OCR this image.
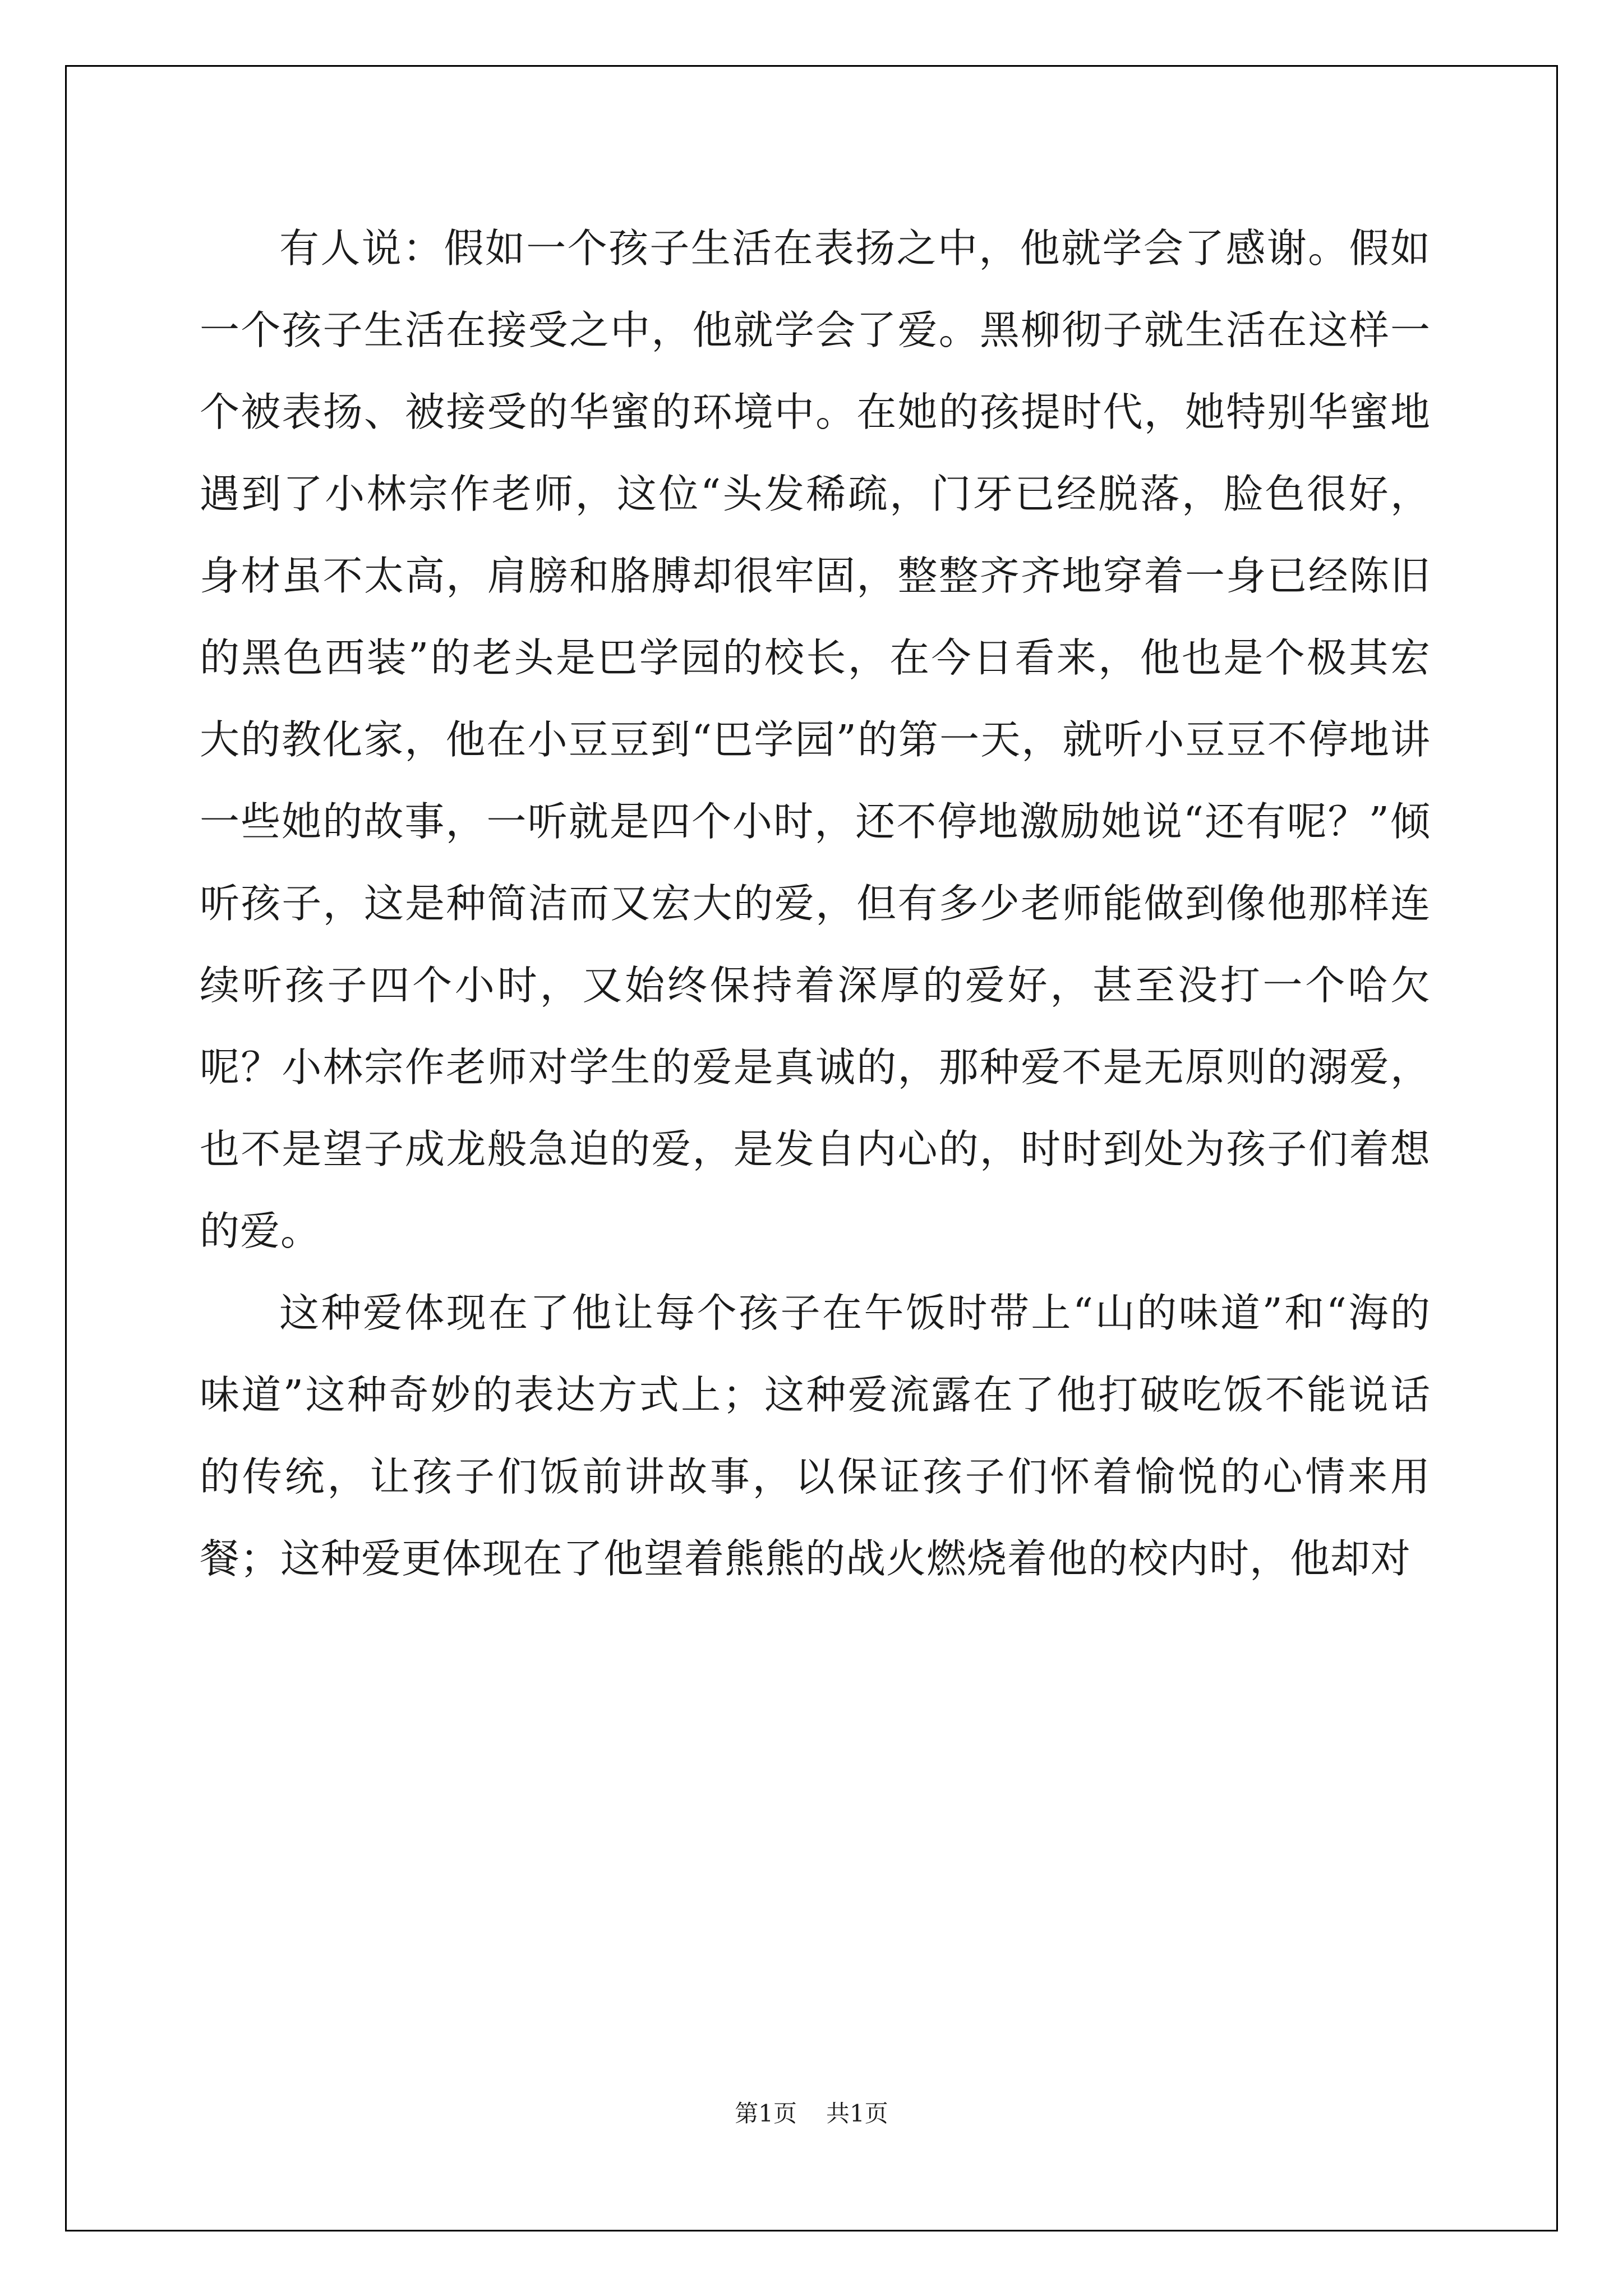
有人说：假如一个孩子生活在表扬之中，他就学会了感谢。假如一个孩子生活在接受之中，他就学会了爱。黑柳彻子就生活在这样一个被表扬、被接受的华蜜的环境中。在她的孩提时代，她特别华蜜地遇到了小林宗作老师，这位“头发稀疏，门牙已经脱落，脸色很好，身材虽不太高，肩膀和胳膊却很牢固，整整齐齐地穿着一身已经陈旧的黑色西装”的老头是巴学园的校长，在今日看来，他也是个极其宏大的教化家，他在小豆豆到“巴学园”的第一天，就听小豆豆不停地讲一些她的故事，一听就是四个小时，还不停地激励她说“还有呢？”倾听孩子，这是种简洁而又宏大的爱，但有多少老师能做到像他那样连续听孩子四个小时，又始终保持着深厚的爱好，甚至没打一个哈欠呢？小林宗作老师对学生的爱是真诚的，那种爱不是无原则的溺爱，也不是望子成龙般急迫的爱，是发自内心的，时时到处为孩子们着想的爱。

这种爱体现在了他让每个孩子在午饭时带上“山的味道”和“海的味道”这种奇妙的表达方式上；这种爱流露在了他打破吃饭不能说话的传统，让孩子们饭前讲故事，以保证孩子们怀着愉悦的心情来用餐；这种爱更体现在了他望着熊熊的战火燃烧着他的校内时，他却对

第1页 共1页
